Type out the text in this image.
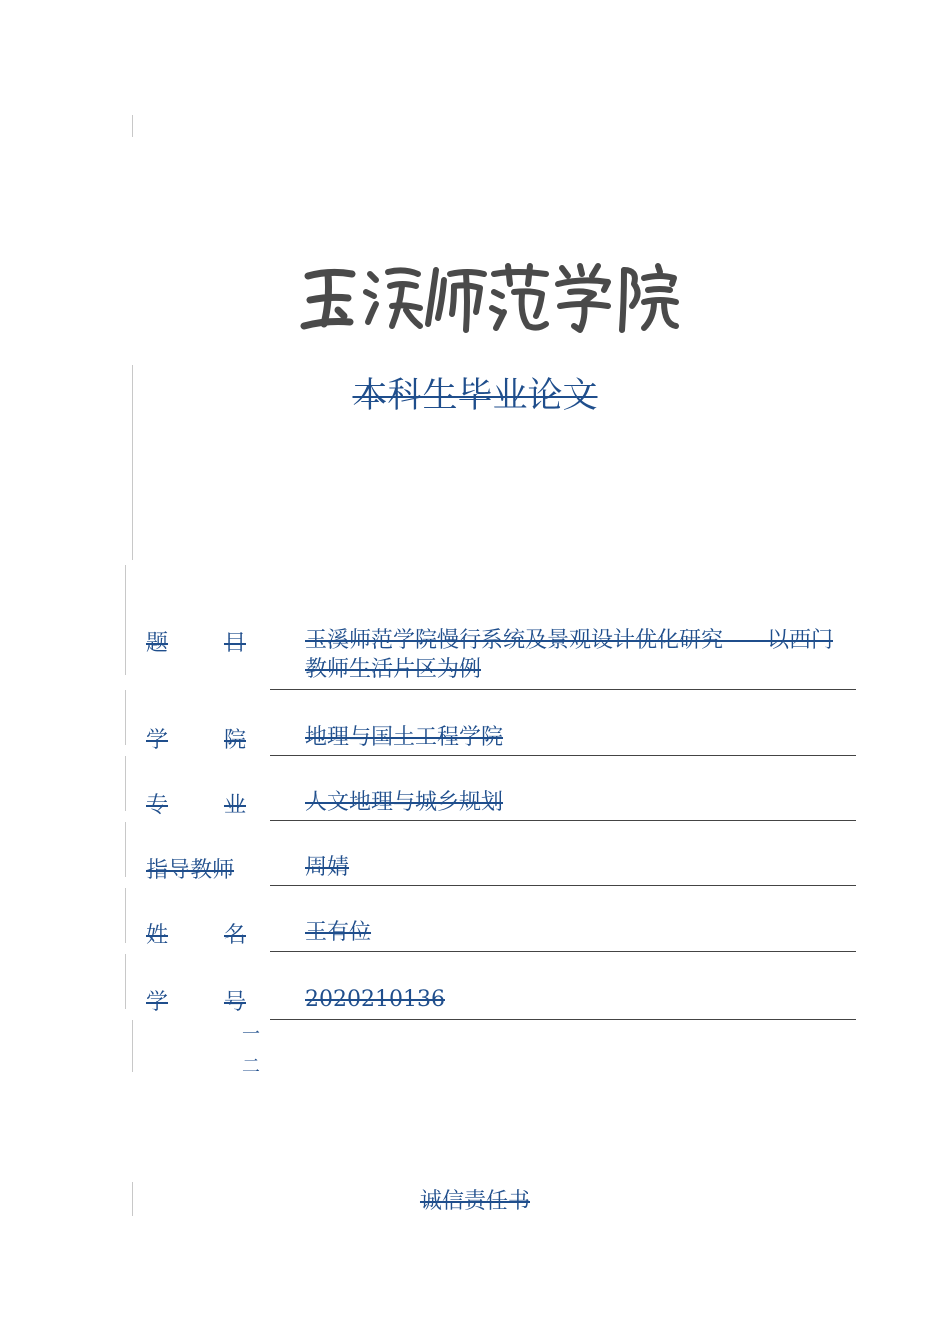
本科生毕业论文
题	目	玉溪师范学院慢行系统及景观设计优化研究——以西门教师生活片区为例
学	院	地理与国土工程学院
专	业	人文地理与城乡规划
指导教师	周婧
姓	名	王有位
学	号	2020210136
一
二
诚信责任书
